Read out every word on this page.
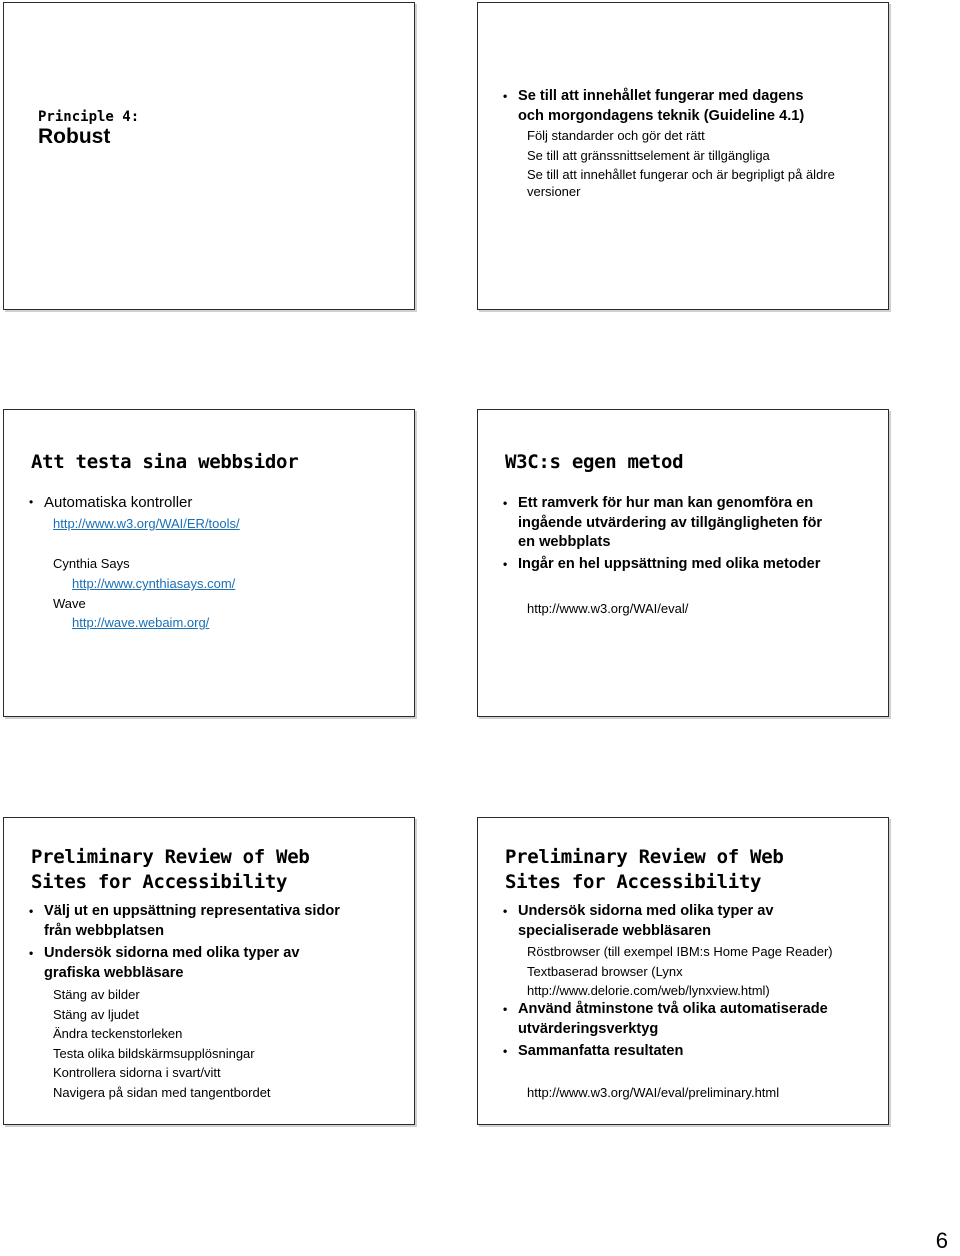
Principle 4:
Robust
• Se till att innehållet fungerar med dagens
och morgondagens teknik (Guideline 4.1)
Följ standarder och gör det rätt
Se till att gränssnittselement är tillgängliga
Se till att innehållet fungerar och är begripligt på äldre
versioner
Att testa sina webbsidor
• Automatiska kontroller
http://www.w3.org/WAI/ER/tools/
Cynthia Says
http://www.cynthiasays.com/
Wave
http://wave.webaim.org/
W3C:s egen metod
• Ett ramverk för hur man kan genomföra en
ingående utvärdering av tillgängligheten för
en webbplats
• Ingår en hel uppsättning med olika metoder
http://www.w3.org/WAI/eval/
Preliminary Review of Web
Sites for Accessibility
• Välj ut en uppsättning representativa sidor
från webbplatsen
• Undersök sidorna med olika typer av
grafiska webbläsare
Stäng av bilder
Stäng av ljudet
Ändra teckenstorleken
Testa olika bildskärmsupplösningar
Kontrollera sidorna i svart/vitt
Navigera på sidan med tangentbordet
Preliminary Review of Web
Sites for Accessibility
• Undersök sidorna med olika typer av
specialiserade webbläsaren
Röstbrowser (till exempel IBM:s Home Page Reader)
Textbaserad browser (Lynx
http://www.delorie.com/web/lynxview.html)
• Använd åtminstone två olika automatiserade
utvärderingsverktyg
• Sammanfatta resultaten
http://www.w3.org/WAI/eval/preliminary.html
6
